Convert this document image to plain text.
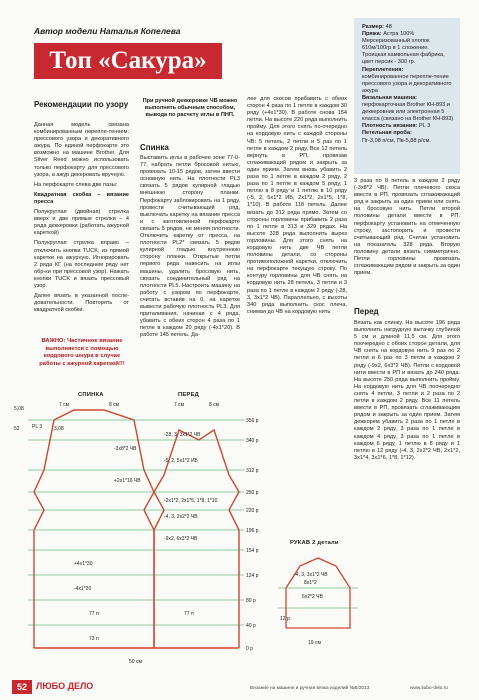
Автор модели Наталья Копелева
Топ «Сакура»

Размер: 48

Пряжа: Астра 100% Мерсеризованный хлопок 610м/100гр в 1 сложение. Троицкая камвольная фабрика, цвет персик - 300 гр.

Переплетения:

комбинированное перепле-тение прессового узора и декоративного ажура

Вязальная машина:

перфокарточная Brother КН-893 и деккеровник или электронная 5 класса (связано на Brother КН-893)

Плотность вязания: PL 3

Петельная проба:

Пг-3,08 п/см, Пв-5,88 р/см.

Рекомендации по узору

Данная модель связана комбинированным перепле-тением: прессового узора и декоративного ажура. По единой перфокарте это возможно на машине Brother. Для Silver Reed можно использовать только перфокарту для прессового узора, а ажур декеровать вручную.

На перфокарте слева две пазы:

Квадратная скобка – вязание пресса

Полукруглая (двойная) стрелка вверх и две прямые стрелки – 4 ряда деккеровки (работать ажурной кареткой)

Полукруглая стрелка вправо – отключить кнопки TUCK, из прямой каретки на ажурную. Игнорировать 2 ряда КГ (на последнем ряду нет обр-ки при прессовой узор). Нажать кнопки TUCK и вязать прессовый узор.

Далее вязать в указанной после-довательности. Повторять от квадратной скобки.

ВАЖНО: Частичное вязание выполняется с помощью кордового шнура в случае работы с ажурной кареткой!!!
При ручной деккеровке ЧВ можно выполнять обычным способом, вывода по расчету иглы в ПНП.
Спинка
Выставить иглы в рабочее зоне 77-0-77, набрать петли бросовой нитью, провязать 10-15 рядов, затем ввести основную нить. На плотности PL3 связать 5 рядов кулирной гладью внешнюю сторону планки. Перфокарту заблокировать на 1 ряду, провести считывающий ряд, выключать каретку на вязание пресса и с заготовленной перфокарте связать 5 рядов, не меняя плотности. Отключить каретку от пресса, на плотности PL2* связать 5 рядов кулирной гладью внутреннюю сторону планки. Открытые петли первого ряда навесить на иглы машины, удалить бросовую нить, связать соединительный ряд на плотности PL5. Настроить машину на работу с узором по перфокарте, считать вставив на 0, на каретке вывести рабочую плотность PL3. Для приталивания, начиная с 4 ряда, убавить с обеих сторон 4 раза по 1 петле в каждом 20 ряду (-4х1*20). В работе 145 петель. Да-
лее для скосов прибавить с обеих сторон 4 раза по 1 петле в каждом 30 ряду (+4х1*30). В работе снова 154 петли. На высоте 220 ряда выполнить пройму. Для этого снять по-очередно на кордовую нить с каждой стороны ЧВ: 5 петель, 2 петли и 5 раз по 1 петле в каждом 2 ряду. Все 12 петель вернуть в РП, провязав сглаживающий рядом и закрыть за один прием. Затем вновь убавить 2 раза по 1 петле в каждом 2 ряду, 2 раза по 1 петле в каждом 5 ряду, 1 петлю в 8 ряду и 1 петлю в 10 ряду (-5, 2, 5х1*2 ИБ, 2х1*2, 2х1*5, 1*8, 1*10). В работе 118 петель. Далее вязать до 312 ряда прямо. Затем со стороны горловины прибавить 2 раза по 1 петле в 313 и 329 рядах. На высоте 328 ряда выполнить вырез горловины. Для этого снять на кордовую нить две ЧВ петли половины детали, со стороны противоположной каретки, отключить на перфокарте текущую строку. По контуру горловины для ЧВ снять на кордовую нить 28 петель, 3 петли и 3 раза по 1 петле в каждом 2 ряду (-28, 3, 3х1*2 ЧВ). Параллельно, с высоты 340 ряда выполнить скос плеча, снимая до ЧВ на кордовую нить
3 раза по 8 петель в каждом 2 ряду (-3х8*2 ЧВ). Петли плечевого скоса ввести в РП, провязать сглаживающий ряд и закрыть за один прием или снять на бросовую нить. Петли второй половины детали ввести в РП, перфокарту установить на отмеченную строку, застопорить и провести считывающий ряд. Считан установить на показатель 328 ряда. Вторую половину детали вязать симметрично. Петли горловины провязать сглаживающим рядом и закрыть за один прием.
Перед
Вязать как спинку. На высоте 196 ряда выполнить нагрудную вытачку глубиной 5 см и длиной 11,5 см. Для этого поочередно с обоих сторон детали, для ЧВ снять на кордовую нить 9 раз по 2 петли и 6 раз по 3 петли в каждом 2 ряду (-9х2, 6х3*2 ЧВ). Петли с кордовой нити ввести в РП и вязать до 240 ряда. На высоте 250 ряда выполнить пройму. На кордовую нить для ЧВ поочередно снять 4 петли, 3 петли и 2 раза по 2 петли в каждом 2 ряду. Все 11 петель ввести в РП, провязать сглаживающим рядом и закрыть за один прием. Затем дежкорем убавить 2 раза по 1 петле в каждом 2 ряду, 3 раза по 1 петле в каждом 4 ряду, 3 раза по 1 петле в каждом 6 ряду, 1 петлю в 8 ряду и 1 петлю в 12 ряду (-4, 3, 2х2*2 ЧВ, 2х1*2, 3х1*4, 3х1*6, 1*8, 1*12).
СПИНКА	ПЕРЕД
7 см	8 см	7 см	8 см
5,08
52 PL 3 3,08
356 р
340 р
312 р
250 р
220 р
196 р
154 р
124 р
80 р
40 р
0 р
-28, 3, 3х1*2 ЧВ
-3х8*2 ЧВ
-5, 2, 5х1*2 ИБ
+2х1*16 ЧВ
-2х1*2, 2х1*5, 1*8, 1*10
-4, 3, 2х2*2 ЧВ
-9х2, 6х3*2 ЧВ
-4х1*20
+4х1*30
77 п
73 п
77 п
50 см
РУКАВ 2 детали
-4, 3, 3х1*2 ЧВ
8х1*2
6х2*2 ЧВ
12 р
19 см
52	ЛЮБО ДЕЛО	Вязание на машине и ручная вязка изделий №5/2013	www.liubo-delo.ru
